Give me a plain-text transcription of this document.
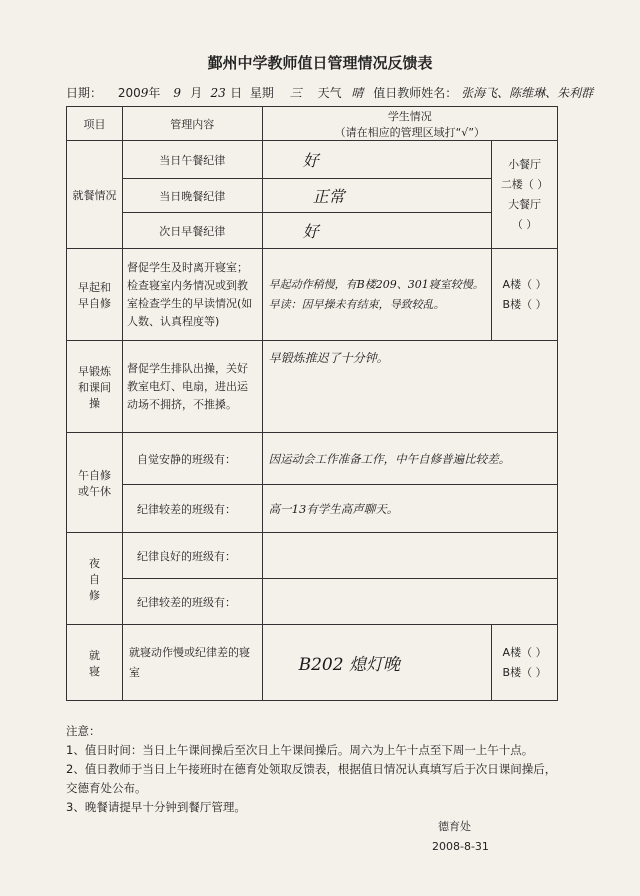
鄞州中学教师值日管理情况反馈表
日期： 2009年 9 月 23 日 星期 三 天气 晴 值日教师姓名： 张海飞、陈维琳、朱利群
项目	管理内容	学生情况
（请在相应的管理区域打“√”）	

就餐情况	当日午餐纪律	好	小餐厅
二楼（ ）
大餐厅
（ ）

	当日晚餐纪律	正常	
	次日早餐纪律	好	
早起和早自修	督促学生及时离开寝室；检查寝室内务情况或到教室检查学生的早读情况(如人数、认真程度等)	早起动作稍慢，有B楼209、301寝室较慢。早读：因早操未有结束，导致较乱。	A楼（ ）
B楼（ ）

早锻炼和课间操	督促学生排队出操，关好教室电灯、电扇，进出运动场不拥挤，不推搡。	早锻炼推迟了十分钟。	
午自修或午休	自觉安静的班级有：	因运动会工作准备工作，中午自修普遍比较差。	
	纪律较差的班级有：	高一13有学生高声聊天。	
夜自修	纪律良好的班级有：		
	纪律较差的班级有：		
就寝	就寝动作慢或纪律差的寝室	B202 熄灯晚	A楼（ ）
B楼（ ）

注意：

1、值日时间：当日上午课间操后至次日上午课间操后。周六为上午十点至下周一上午十点。

2、值日教师于当日上午接班时在德育处领取反馈表，根据值日情况认真填写后于次日课间操后，交德育处公布。

3、晚餐请提早十分钟到餐厅管理。

德育处
2008-8-31
